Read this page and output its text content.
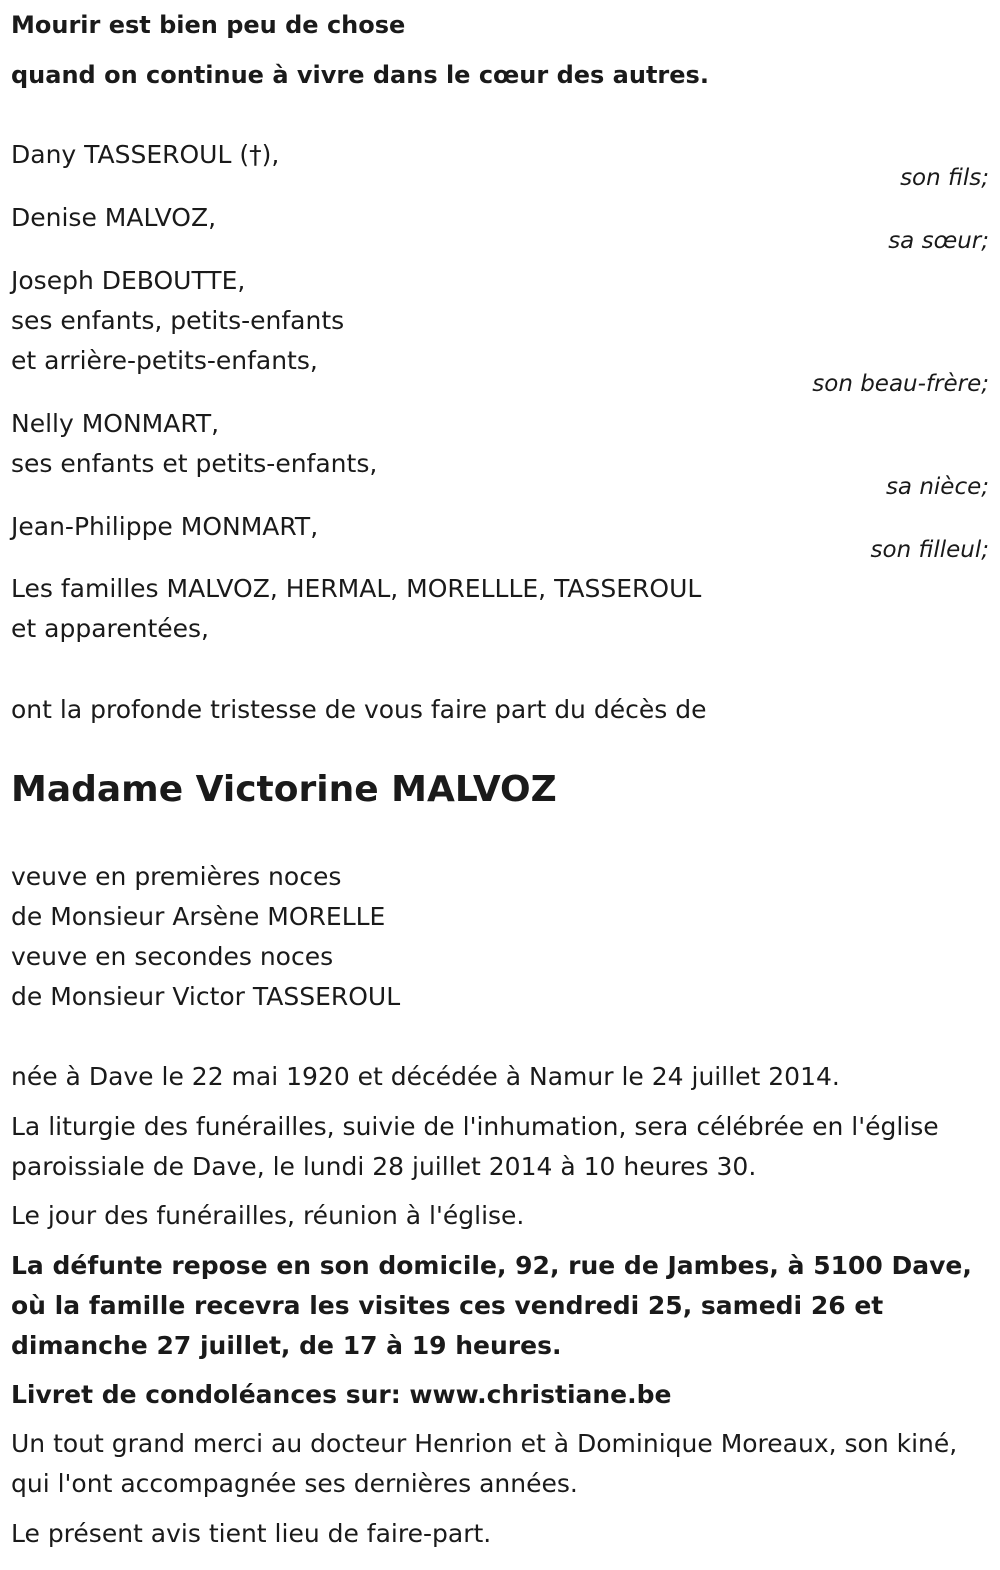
Mourir est bien peu de chose
quand on continue à vivre dans le cœur des autres.
Dany TASSEROUL (†),
son fils;
Denise MALVOZ,
sa sœur;
Joseph DEBOUTTE,
ses enfants, petits-enfants
et arrière-petits-enfants,
son beau-frère;
Nelly MONMART,
ses enfants et petits-enfants,
sa nièce;
Jean-Philippe MONMART,
son filleul;
Les familles MALVOZ, HERMAL, MORELLLE, TASSEROUL
et apparentées,
ont la profonde tristesse de vous faire part du décès de
Madame Victorine MALVOZ
veuve en premières noces
de Monsieur Arsène MORELLE
veuve en secondes noces
de Monsieur Victor TASSEROUL
née à Dave le 22 mai 1920 et décédée à Namur le 24 juillet 2014.
La liturgie des funérailles, suivie de l'inhumation, sera célébrée en l'église paroissiale de Dave, le lundi 28 juillet 2014 à 10 heures 30.
Le jour des funérailles, réunion à l'église.
La défunte repose en son domicile, 92, rue de Jambes, à 5100 Dave, où la famille recevra les visites ces vendredi 25, samedi 26 et dimanche 27 juillet, de 17 à 19 heures.
Livret de condoléances sur: www.christiane.be
Un tout grand merci au docteur Henrion et à Dominique Moreaux, son kiné, qui l'ont accompagnée ses dernières années.
Le présent avis tient lieu de faire-part.
